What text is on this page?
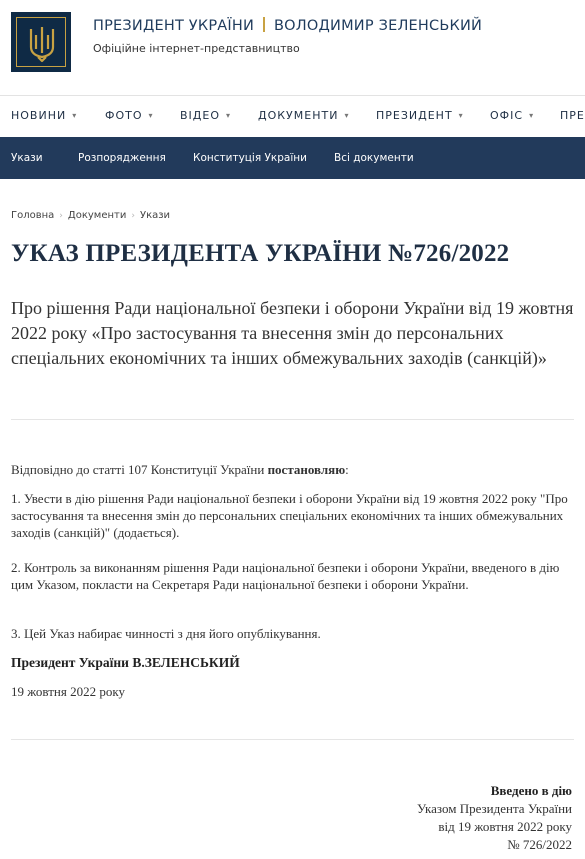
ПРЕЗИДЕНТ УКРАЇНИ ВОЛОДИМИР ЗЕЛЕНСЬКИЙ
Офіційне інтернет-представництво
НОВИНИ ▾	ФОТО ▾ ВІДЕО ▾ ДОКУМЕНТИ ▾ ПРЕЗИДЕНТ ▾ ОФІС ▾ ПРЕ
Укази	Розпорядження	Конституція України	Всі документи
Головна › Документи › Укази
УКАЗ ПРЕЗИДЕНТА УКРАЇНИ №726/2022
Про рішення Ради національної безпеки і оборони України від 19 жовтня 2022 року «Про застосування та внесення змін до персональних спеціальних економічних та інших обмежувальних заходів (санкцій)»
Відповідно до статті 107 Конституції України постановляю:
1. Увести в дію рішення Ради національної безпеки і оборони України від 19 жовтня 2022 року "Про застосування та внесення змін до персональних спеціальних економічних та інших обмежувальних заходів (санкцій)" (додається).
2. Контроль за виконанням рішення Ради національної безпеки і оборони України, введеного в дію цим Указом, покласти на Секретаря Ради національної безпеки і оборони України.
3. Цей Указ набирає чинності з дня його опублікування.
Президент України В.ЗЕЛЕНСЬКИЙ
19 жовтня 2022 року
Введено в дію
Указом Президента України
від 19 жовтня 2022 року
№ 726/2022
